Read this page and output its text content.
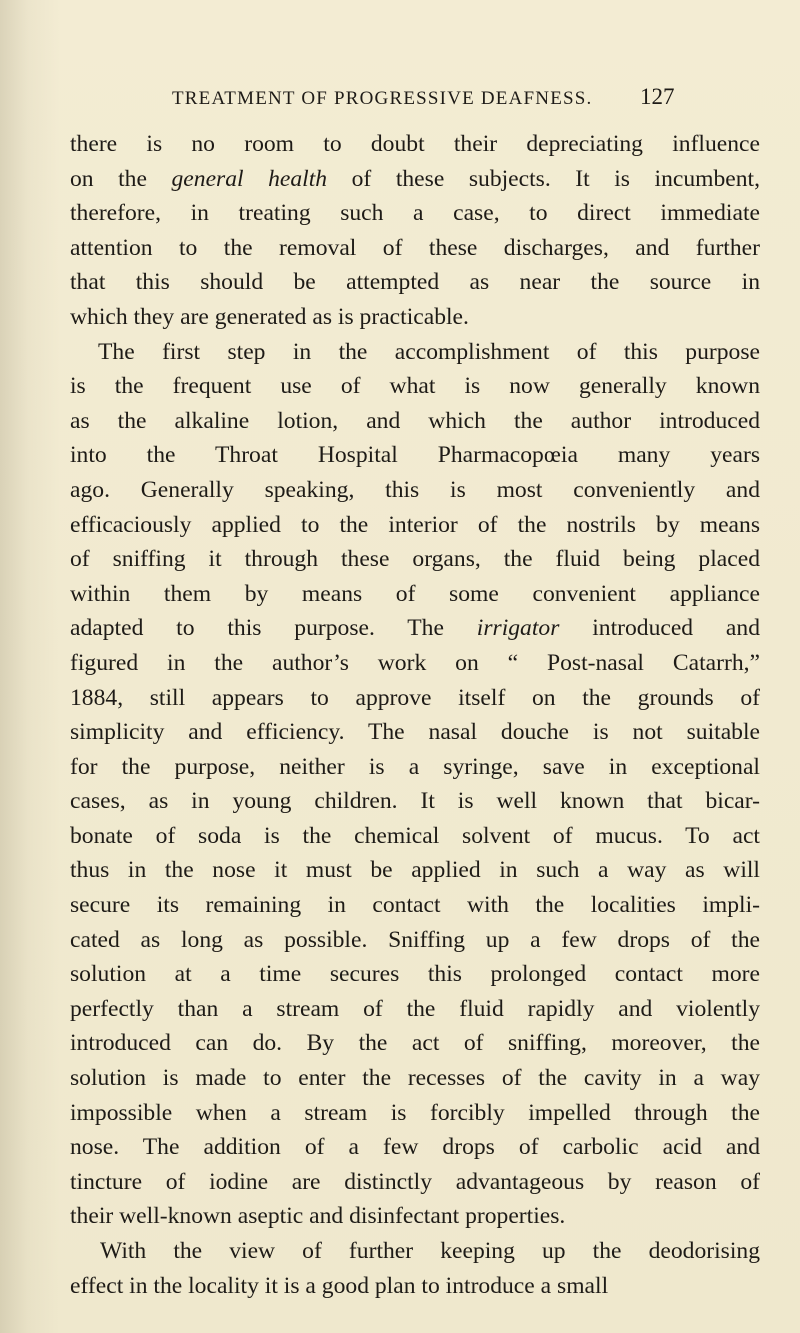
TREATMENT OF PROGRESSIVE DEAFNESS. 127
there is no room to doubt their depreciating influence
on the general health of these subjects. It is incumbent,
therefore, in treating such a case, to direct immediate
attention to the removal of these discharges, and further
that this should be attempted as near the source in
which they are generated as is practicable.
The first step in the accomplishment of this purpose
is the frequent use of what is now generally known
as the alkaline lotion, and which the author introduced
into the Throat Hospital Pharmacopœia many years
ago. Generally speaking, this is most conveniently and
efficaciously applied to the interior of the nostrils by means
of sniffing it through these organs, the fluid being placed
within them by means of some convenient appliance
adapted to this purpose. The irrigator introduced and
figured in the author’s work on “ Post-nasal Catarrh,”
1884, still appears to approve itself on the grounds of
simplicity and efficiency. The nasal douche is not suitable
for the purpose, neither is a syringe, save in exceptional
cases, as in young children. It is well known that bicar-
bonate of soda is the chemical solvent of mucus. To act
thus in the nose it must be applied in such a way as will
secure its remaining in contact with the localities impli-
cated as long as possible. Sniffing up a few drops of the
solution at a time secures this prolonged contact more
perfectly than a stream of the fluid rapidly and violently
introduced can do. By the act of sniffing, moreover, the
solution is made to enter the recesses of the cavity in a way
impossible when a stream is forcibly impelled through the
nose. The addition of a few drops of carbolic acid and
tincture of iodine are distinctly advantageous by reason of
their well-known aseptic and disinfectant properties.
With the view of further keeping up the deodorising
effect in the locality it is a good plan to introduce a small
